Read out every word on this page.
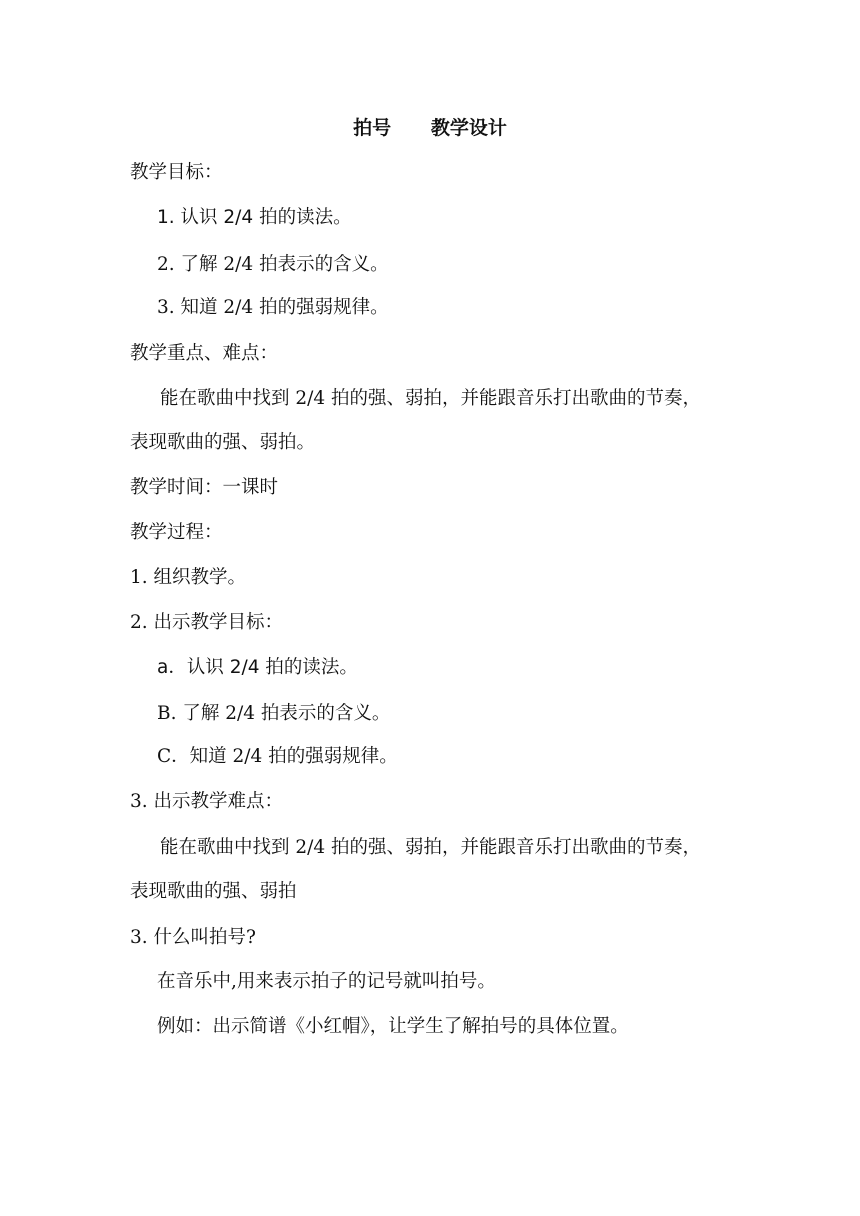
拍号      教学设计
教学目标：
1. 认识 2/4 拍的读法。
2. 了解 2/4 拍表示的含义。
3. 知道 2/4 拍的强弱规律。
教学重点、难点：
能在歌曲中找到 2/4 拍的强、弱拍，并能跟音乐打出歌曲的节奏，
表现歌曲的强、弱拍。
教学时间：一课时
教学过程：
1. 组织教学。
2. 出示教学目标：
a．认识 2/4 拍的读法。
B. 了解 2/4 拍表示的含义。
C．知道 2/4 拍的强弱规律。
3. 出示教学难点：
能在歌曲中找到 2/4 拍的强、弱拍，并能跟音乐打出歌曲的节奏，
表现歌曲的强、弱拍
3. 什么叫拍号?
在音乐中,用来表示拍子的记号就叫拍号。
例如：出示简谱《小红帽》，让学生了解拍号的具体位置。
